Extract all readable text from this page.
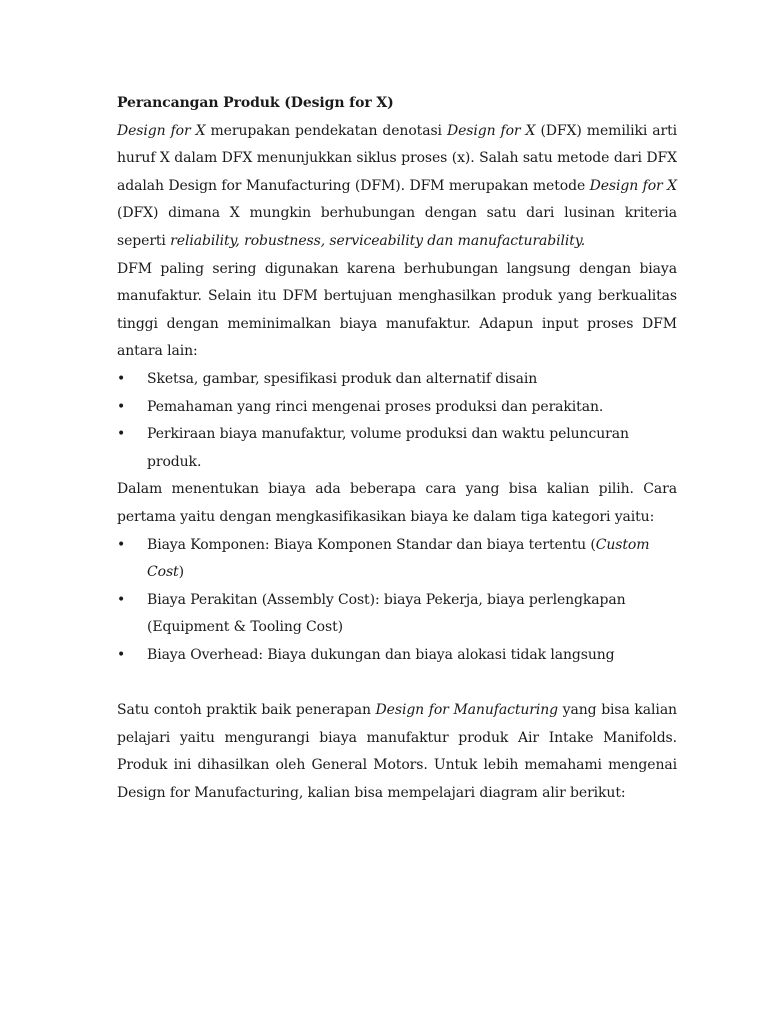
Perancangan Produk (Design for X)

Design for X merupakan pendekatan denotasi Design for X (DFX) memiliki arti huruf X dalam DFX menunjukkan siklus proses (x). Salah satu metode dari DFX adalah Design for Manufacturing (DFM). DFM merupakan metode Design for X (DFX) dimana X mungkin berhubungan dengan satu dari lusinan kriteria seperti reliability, robustness, serviceability dan manufacturability.

DFM paling sering digunakan karena berhubungan langsung dengan biaya manufaktur. Selain itu DFM bertujuan menghasilkan produk yang berkualitas tinggi dengan meminimalkan biaya manufaktur. Adapun input proses DFM antara lain:

• Sketsa, gambar, spesifikasi produk dan alternatif disain
• Pemahaman yang rinci mengenai proses produksi dan perakitan.
• Perkiraan biaya manufaktur, volume produksi dan waktu peluncuran produk.

Dalam menentukan biaya ada beberapa cara yang bisa kalian pilih. Cara pertama yaitu dengan mengkasifikasikan biaya ke dalam tiga kategori yaitu:

• Biaya Komponen: Biaya Komponen Standar dan biaya tertentu (Custom Cost)
• Biaya Perakitan (Assembly Cost): biaya Pekerja, biaya perlengkapan (Equipment & Tooling Cost)
• Biaya Overhead: Biaya dukungan dan biaya alokasi tidak langsung

Satu contoh praktik baik penerapan Design for Manufacturing yang bisa kalian pelajari yaitu mengurangi biaya manufaktur produk Air Intake Manifolds. Produk ini dihasilkan oleh General Motors. Untuk lebih memahami mengenai Design for Manufacturing, kalian bisa mempelajari diagram alir berikut:
